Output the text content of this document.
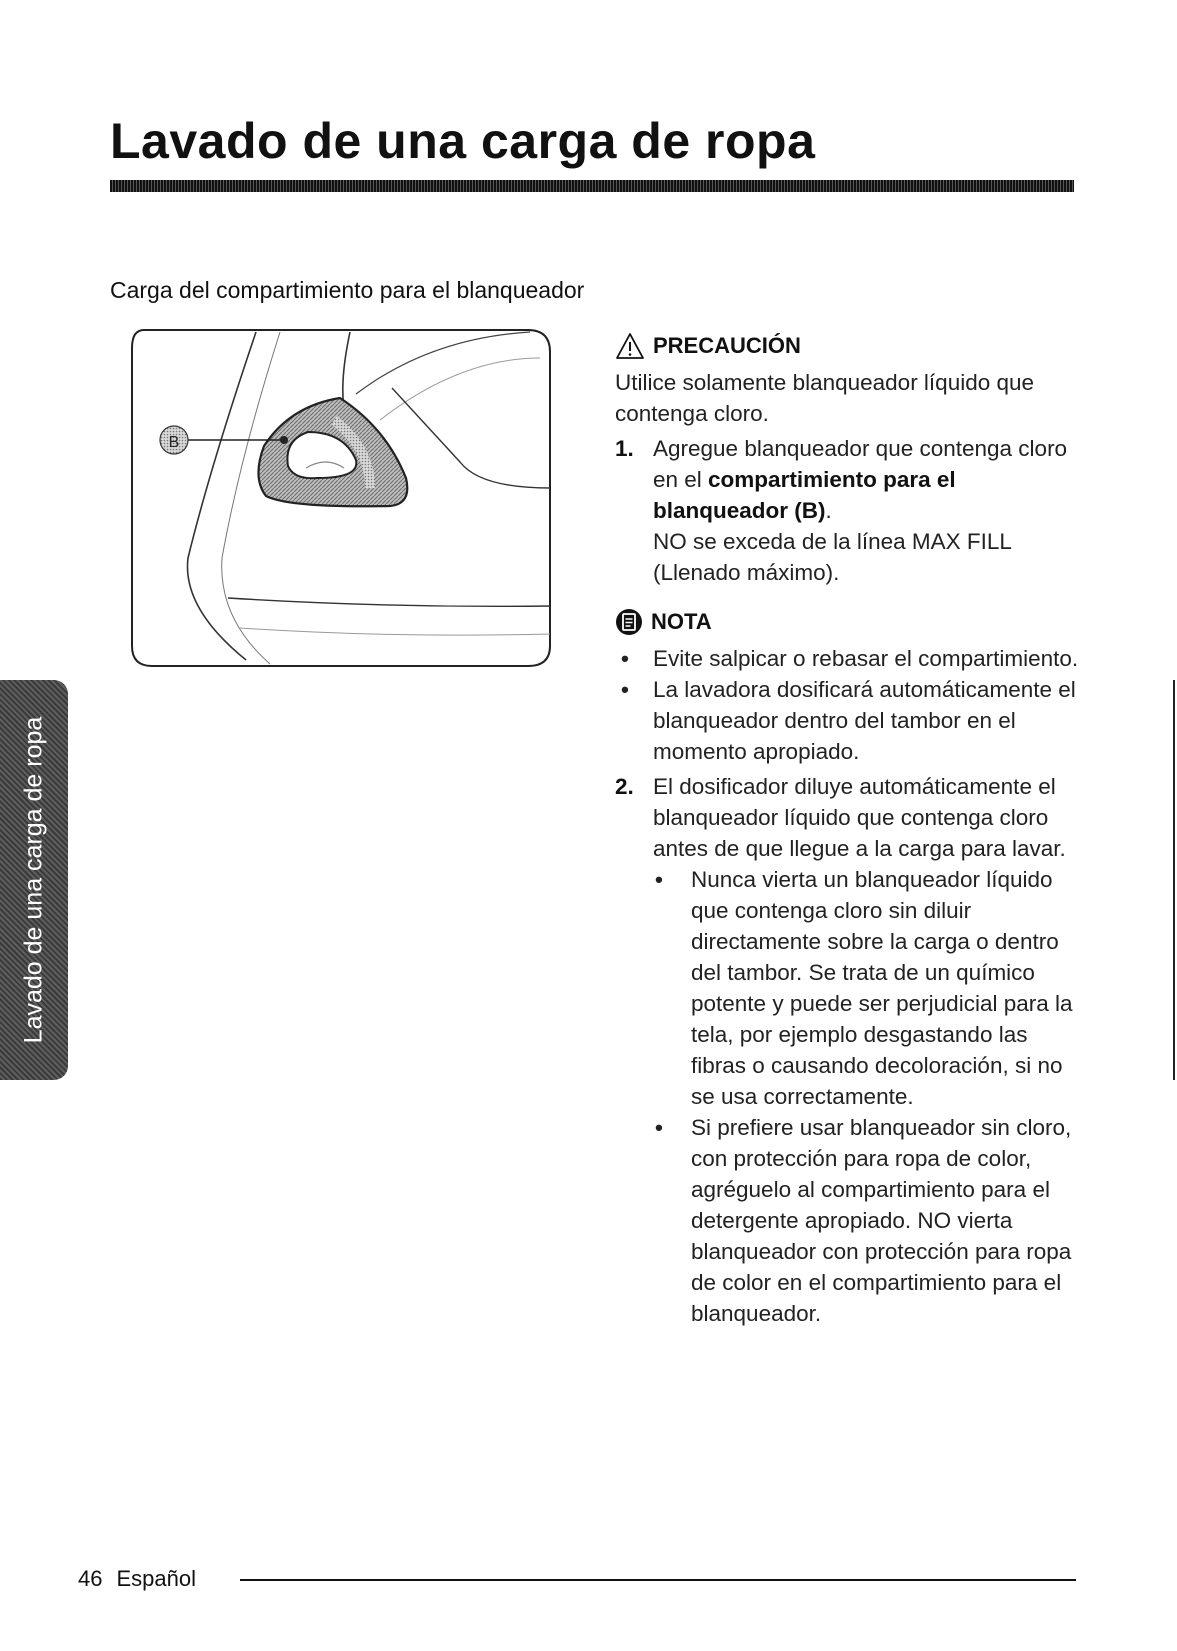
Lavado de una carga de ropa
Carga del compartimiento para el blanqueador
B
PRECAUCIÓN

Utilice solamente blanqueador líquido que contenga cloro.

1. Agregue blanqueador que contenga cloro en el compartimiento para el blanqueador (B).
NO se exceda de la línea MAX FILL (Llenado máximo).
NOTA
• Evite salpicar o rebasar el compartimiento.
• La lavadora dosificará automáticamente el blanqueador dentro del tambor en el momento apropiado.
2. El dosificador diluye automáticamente el blanqueador líquido que contenga cloro antes de que llegue a la carga para lavar.
• Nunca vierta un blanqueador líquido que contenga cloro sin diluir directamente sobre la carga o dentro del tambor. Se trata de un químico potente y puede ser perjudicial para la tela, por ejemplo desgastando las fibras o causando decoloración, si no se usa correctamente.
• Si prefiere usar blanqueador sin cloro, con protección para ropa de color, agréguelo al compartimiento para el detergente apropiado. NO vierta blanqueador con protección para ropa de color en el compartimiento para el blanqueador.
Lavado de una carga de ropa
46 Español
